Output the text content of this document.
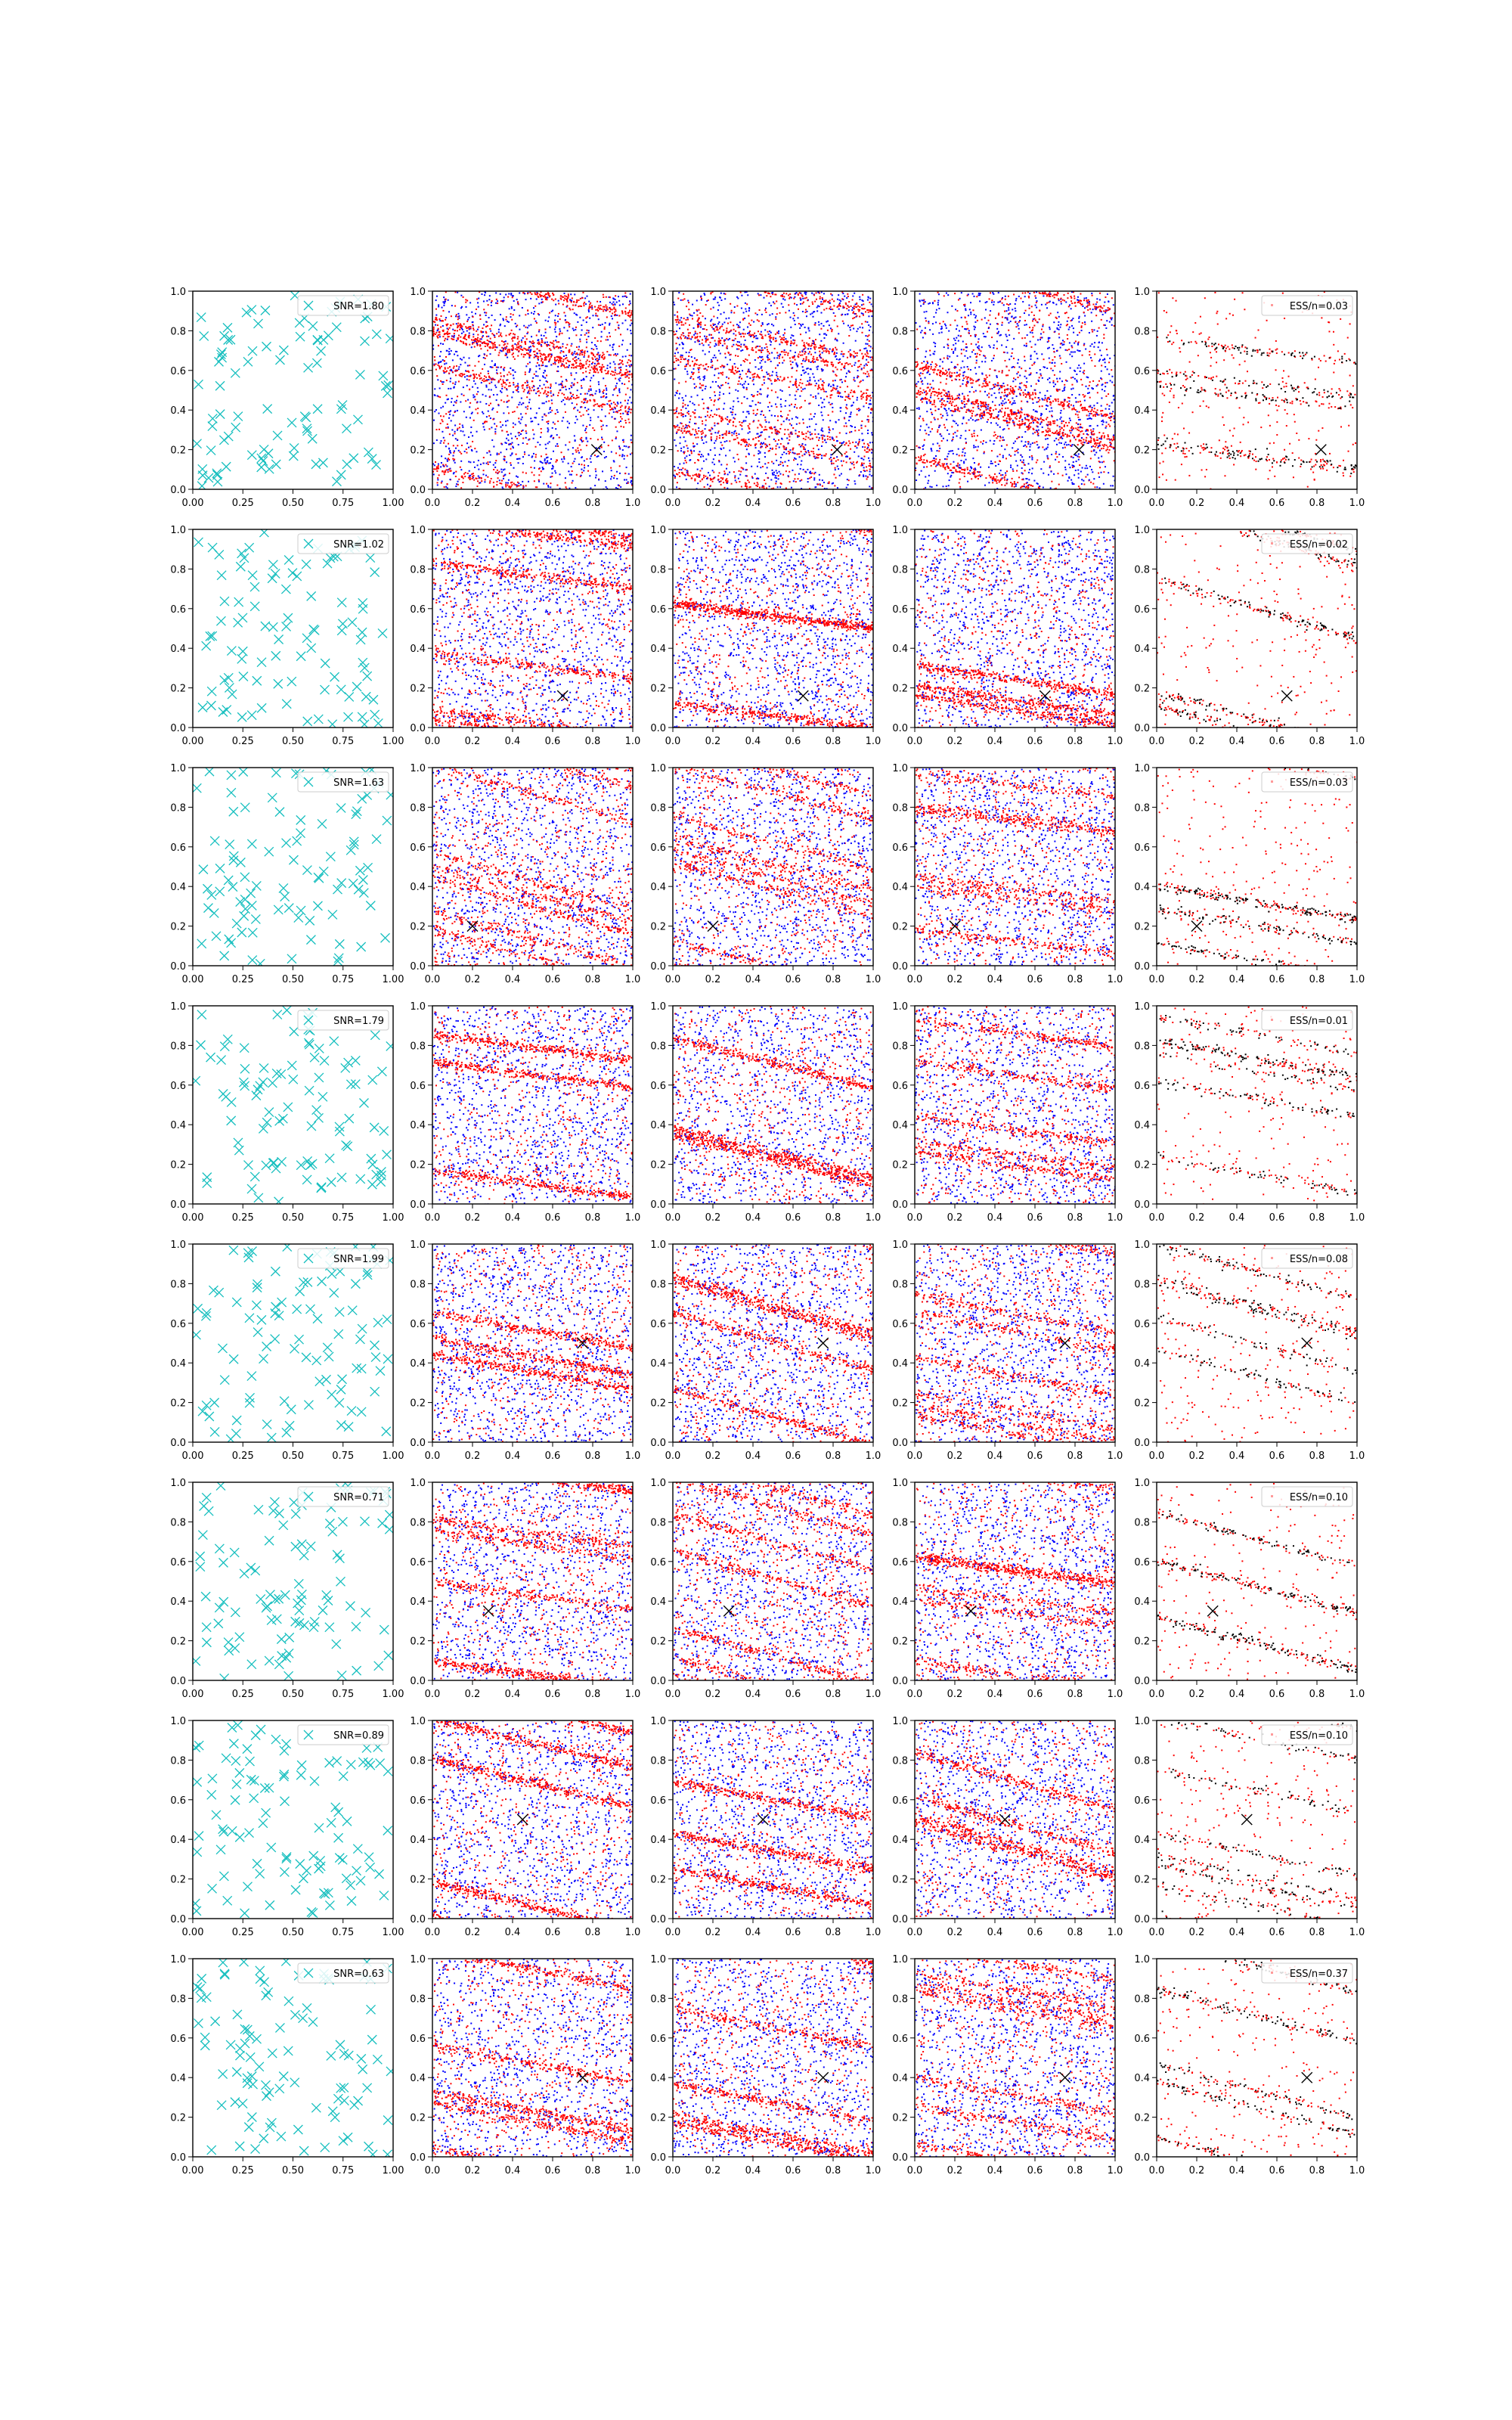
0.00	0.25	0.50	0.75	1.00
0.0
0.2
0.4
0.6
0.8
1.0
SNR=1.80
0.0 0.2 0.4 0.6 0.8 1.0
0.0
0.2
0.4
0.6
0.8
1.0
0.0 0.2 0.4 0.6 0.8 1.0
0.0
0.2
0.4
0.6
0.8
1.0
0.0 0.2 0.4 0.6 0.8 1.0
0.0
0.2
0.4
0.6
0.8
1.0
0.0 0.2 0.4 0.6 0.8 1.0
0.0
0.2
0.4
0.6
0.8
1.0
ESS/n=0.03
0.00	0.25	0.50	0.75	1.00
0.0
0.2
0.4
0.6
0.8
1.0
SNR=1.02
0.0 0.2 0.4 0.6 0.8 1.0
0.0
0.2
0.4
0.6
0.8
1.0
0.0 0.2 0.4 0.6 0.8 1.0
0.0
0.2
0.4
0.6
0.8
1.0
0.0 0.2 0.4 0.6 0.8 1.0
0.0
0.2
0.4
0.6
0.8
1.0
0.0 0.2 0.4 0.6 0.8 1.0
0.0
0.2
0.4
0.6
0.8
1.0
ESS/n=0.02
0.00	0.25	0.50	0.75	1.00
0.0
0.2
0.4
0.6
0.8
1.0
SNR=1.63
0.0 0.2 0.4 0.6 0.8 1.0
0.0
0.2
0.4
0.6
0.8
1.0
0.0 0.2 0.4 0.6 0.8 1.0
0.0
0.2
0.4
0.6
0.8
1.0
0.0 0.2 0.4 0.6 0.8 1.0
0.0
0.2
0.4
0.6
0.8
1.0
0.0 0.2 0.4 0.6 0.8 1.0
0.0
0.2
0.4
0.6
0.8
1.0
ESS/n=0.03
0.00	0.25	0.50	0.75	1.00
0.0
0.2
0.4
0.6
0.8
1.0
SNR=1.79
0.0 0.2 0.4 0.6 0.8 1.0
0.0
0.2
0.4
0.6
0.8
1.0
0.0 0.2 0.4 0.6 0.8 1.0
0.0
0.2
0.4
0.6
0.8
1.0
0.0 0.2 0.4 0.6 0.8 1.0
0.0
0.2
0.4
0.6
0.8
1.0
0.0 0.2 0.4 0.6 0.8 1.0
0.0
0.2
0.4
0.6
0.8
1.0
ESS/n=0.01
0.00	0.25	0.50	0.75	1.00
0.0
0.2
0.4
0.6
0.8
1.0
SNR=1.99
0.0 0.2 0.4 0.6 0.8 1.0
0.0
0.2
0.4
0.6
0.8
1.0
0.0 0.2 0.4 0.6 0.8 1.0
0.0
0.2
0.4
0.6
0.8
1.0
0.0 0.2 0.4 0.6 0.8 1.0
0.0
0.2
0.4
0.6
0.8
1.0
0.0 0.2 0.4 0.6 0.8 1.0
0.0
0.2
0.4
0.6
0.8
1.0
ESS/n=0.08
0.00	0.25	0.50	0.75	1.00
0.0
0.2
0.4
0.6
0.8
1.0
SNR=0.71
0.0 0.2 0.4 0.6 0.8 1.0
0.0
0.2
0.4
0.6
0.8
1.0
0.0 0.2 0.4 0.6 0.8 1.0
0.0
0.2
0.4
0.6
0.8
1.0
0.0 0.2 0.4 0.6 0.8 1.0
0.0
0.2
0.4
0.6
0.8
1.0
0.0 0.2 0.4 0.6 0.8 1.0
0.0
0.2
0.4
0.6
0.8
1.0
ESS/n=0.10
0.00	0.25	0.50	0.75	1.00
0.0
0.2
0.4
0.6
0.8
1.0
SNR=0.89
0.0 0.2 0.4 0.6 0.8 1.0
0.0
0.2
0.4
0.6
0.8
1.0
0.0 0.2 0.4 0.6 0.8 1.0
0.0
0.2
0.4
0.6
0.8
1.0
0.0 0.2 0.4 0.6 0.8 1.0
0.0
0.2
0.4
0.6
0.8
1.0
0.0 0.2 0.4 0.6 0.8 1.0
0.0
0.2
0.4
0.6
0.8
1.0
ESS/n=0.10
0.00	0.25	0.50	0.75	1.00
0.0
0.2
0.4
0.6
0.8
1.0
SNR=0.63
0.0 0.2 0.4 0.6 0.8 1.0
0.0
0.2
0.4
0.6
0.8
1.0
0.0 0.2 0.4 0.6 0.8 1.0
0.0
0.2
0.4
0.6
0.8
1.0
0.0 0.2 0.4 0.6 0.8 1.0
0.0
0.2
0.4
0.6
0.8
1.0
0.0 0.2 0.4 0.6 0.8 1.0
0.0
0.2
0.4
0.6
0.8
1.0
ESS/n=0.37
